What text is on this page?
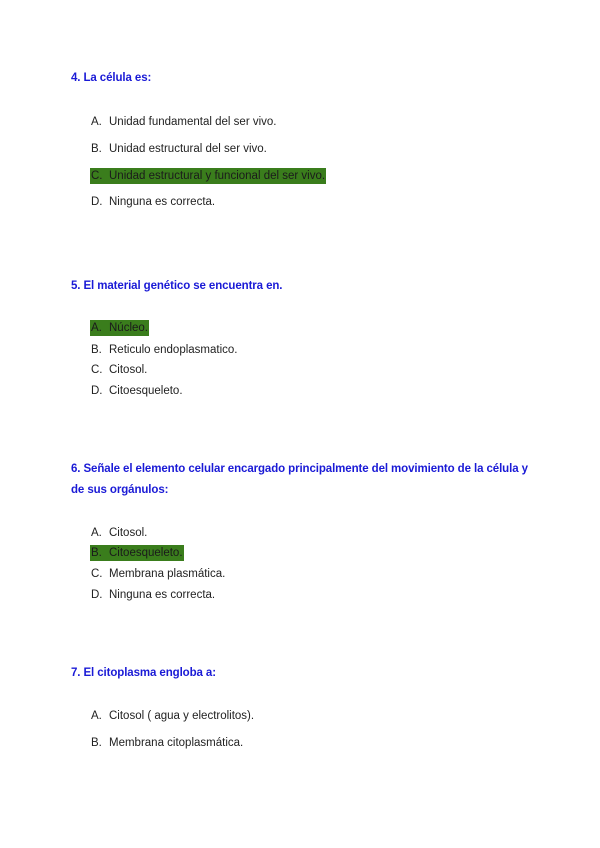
4. La célula es:
A. Unidad fundamental del ser vivo.
B. Unidad estructural del ser vivo.
C. Unidad estructural y funcional del ser vivo.
D. Ninguna es correcta.
5. El material genético se encuentra en.
A. Núcleo.
B. Reticulo endoplasmatico.
C. Citosol.
D. Citoesqueleto.
6. Señale el elemento celular encargado principalmente del movimiento de la célula y de sus orgánulos:
A. Citosol.
B. Citoesqueleto.
C. Membrana plasmática.
D. Ninguna es correcta.
7. El citoplasma engloba a:
A. Citosol ( agua y electrolitos).
B. Membrana citoplasmática.
